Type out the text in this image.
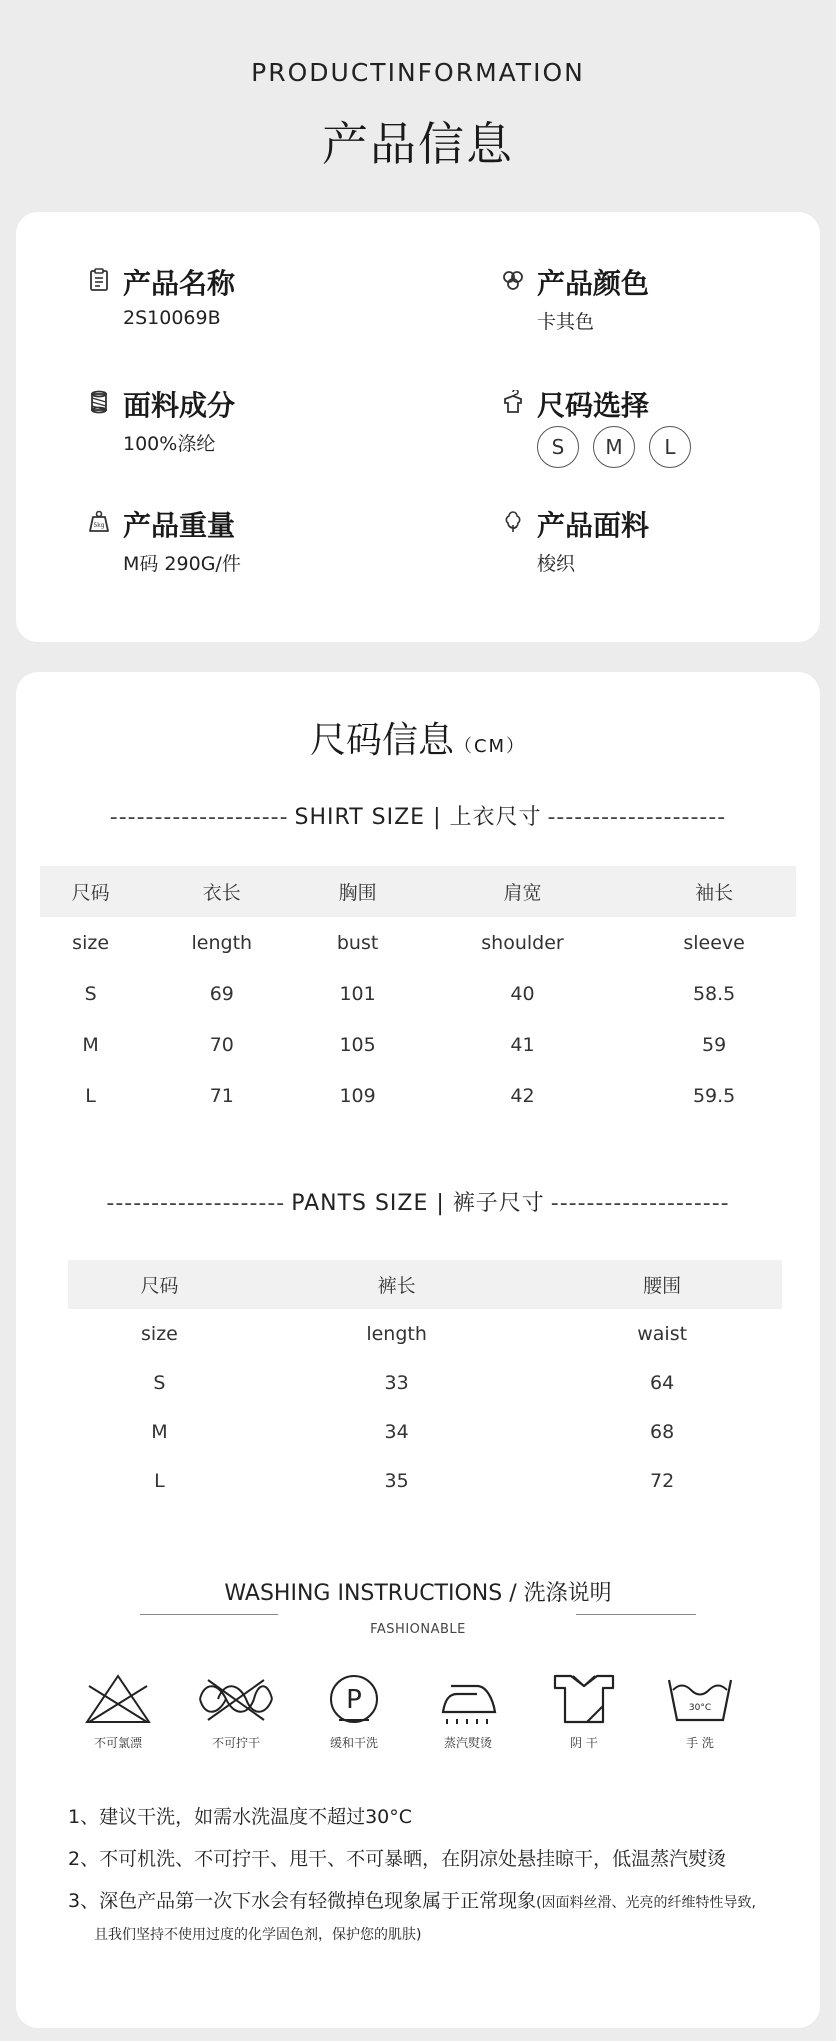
PRODUCTINFORMATION
产品信息
产品名称
2S10069B
产品颜色
卡其色
面料成分
100%涤纶
尺码选择
S	M	L
5kg 产品重量
M码 290G/件
产品面料
梭织
尺码信息（CM）
-------------------- SHIRT SIZE | 上衣尺寸 --------------------
尺码	衣长	胸围	肩宽	袖长
size	length	bust	shoulder	sleeve
S	69	101	40	58.5
M	70	105	41	59
L	71	109	42	59.5
-------------------- PANTS SIZE | 裤子尺寸 --------------------
尺码	裤长	腰围
size	length	waist
S	33	64
M	34	68
L	35	72
WASHING INSTRUCTIONS / 洗涤说明
FASHIONABLE
不可氯漂	不可拧干
P
缓和干洗	蒸汽熨烫	阴 干
30°C
手 洗
1、建议干洗，如需水洗温度不超过30°C
2、不可机洗、不可拧干、甩干、不可暴晒，在阴凉处悬挂晾干，低温蒸汽熨烫
3、深色产品第一次下水会有轻微掉色现象属于正常现象(因面料丝滑、光亮的纤维特性导致,
且我们坚持不使用过度的化学固色剂，保护您的肌肤)
